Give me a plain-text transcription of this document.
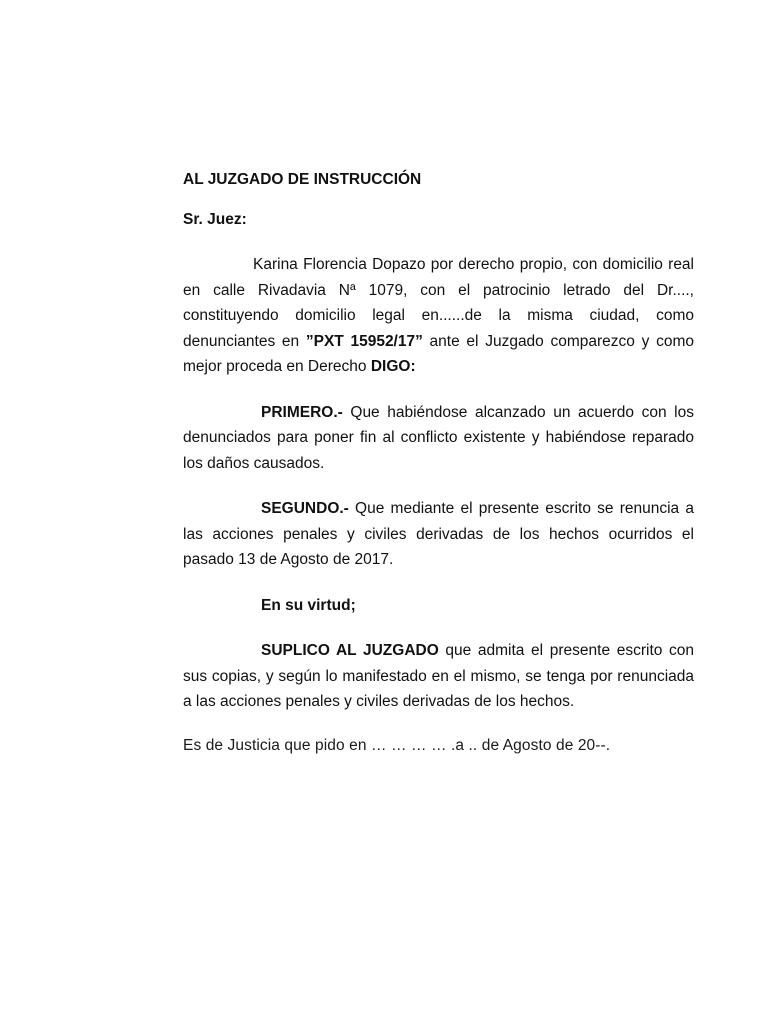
AL JUZGADO DE INSTRUCCIÓN

Sr. Juez:

Karina Florencia Dopazo por derecho propio, con domicilio real en calle Rivadavia Nª 1079, con el patrocinio letrado del Dr...., constituyendo domicilio legal en......de la misma ciudad, como denunciantes en ”PXT 15952/17” ante el Juzgado comparezco y como mejor proceda en Derecho DIGO:

PRIMERO.- Que habiéndose alcanzado un acuerdo con los denunciados para poner fin al conflicto existente y habiéndose reparado los daños causados.

SEGUNDO.- Que mediante el presente escrito se renuncia a las acciones penales y civiles derivadas de los hechos ocurridos el pasado 13 de Agosto de 2017.

En su virtud;

SUPLICO AL JUZGADO que admita el presente escrito con sus copias, y según lo manifestado en el mismo, se tenga por renunciada a las acciones penales y civiles derivadas de los hechos.

Es de Justicia que pido en … … … … .a .. de Agosto de 20--.
